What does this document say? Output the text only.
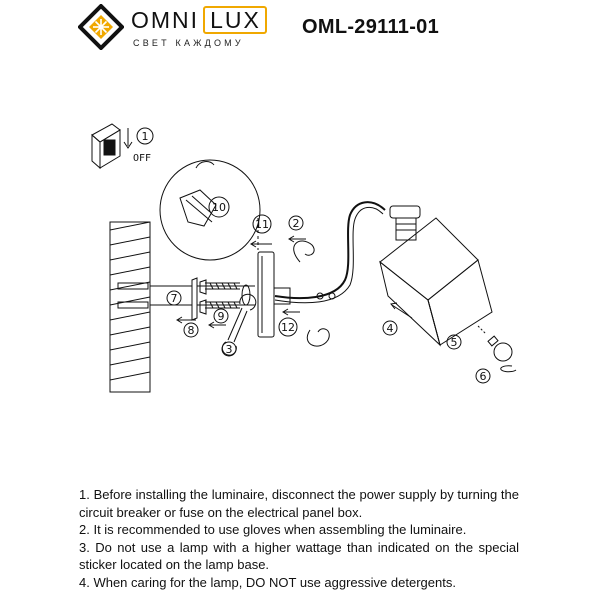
OMNI LUX
СВЕТ КАЖДОМУ
OML-29111-01
1
OFF
2
3
4
5
6
7
8
9
10
11
12

1. Before installing the luminaire, disconnect the power supply by turning the circuit breaker or fuse on the electrical panel box.

2. It is recommended to use gloves when assembling the luminaire.

3. Do not use a lamp with a higher wattage than indicated on the special sticker located on the lamp base.

4. When caring for the lamp, DO NOT use aggressive detergents.
